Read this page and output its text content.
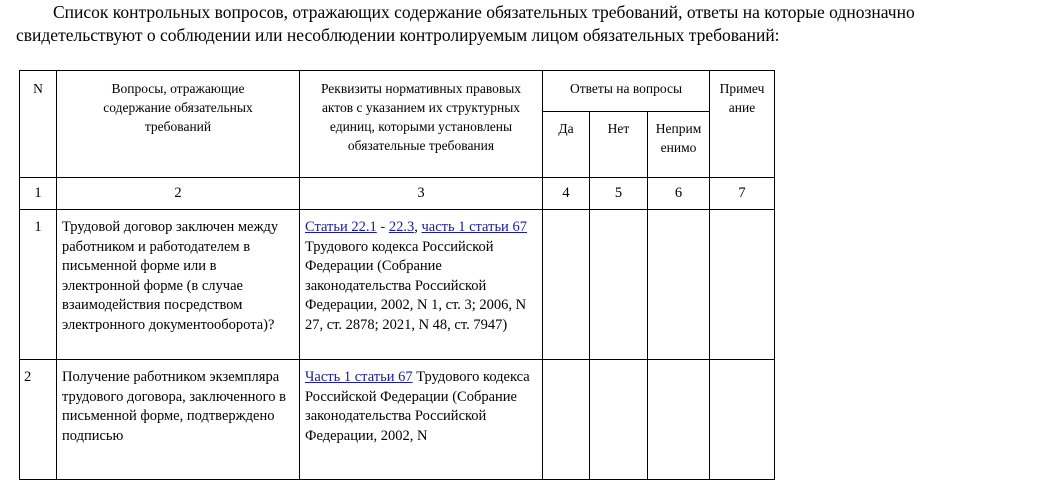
Список контрольных вопросов, отражающих содержание обязательных требований, ответы на которые однозначно
свидетельствуют о соблюдении или несоблюдении контролируемым лицом обязательных требований:
N	Вопросы, отражающие содержание обязательных требований	Реквизиты нормативных правовых актов с указанием их структурных единиц, которыми установлены обязательные требования	Ответы на вопросы			Примеч ание
			Да	Нет	Неприм енимо	
1	2	3	4	5	6	7
1	Трудовой договор заключен между работником и работодателем в письменной форме или в электронной форме (в случае взаимодействия посредством электронного документооборота)?	Статьи 22.1 - 22.3, часть 1 статьи 67 Трудового кодекса Российской Федерации (Собрание законодательства Российской Федерации, 2002, N 1, ст. 3; 2006, N 27, ст. 2878; 2021, N 48, ст. 7947)				
2	Получение работником экземпляра трудового договора, заключенного в письменной форме, подтверждено подписью	Часть 1 статьи 67 Трудового кодекса Российской Федерации (Собрание законодательства Российской Федерации, 2002, N				
